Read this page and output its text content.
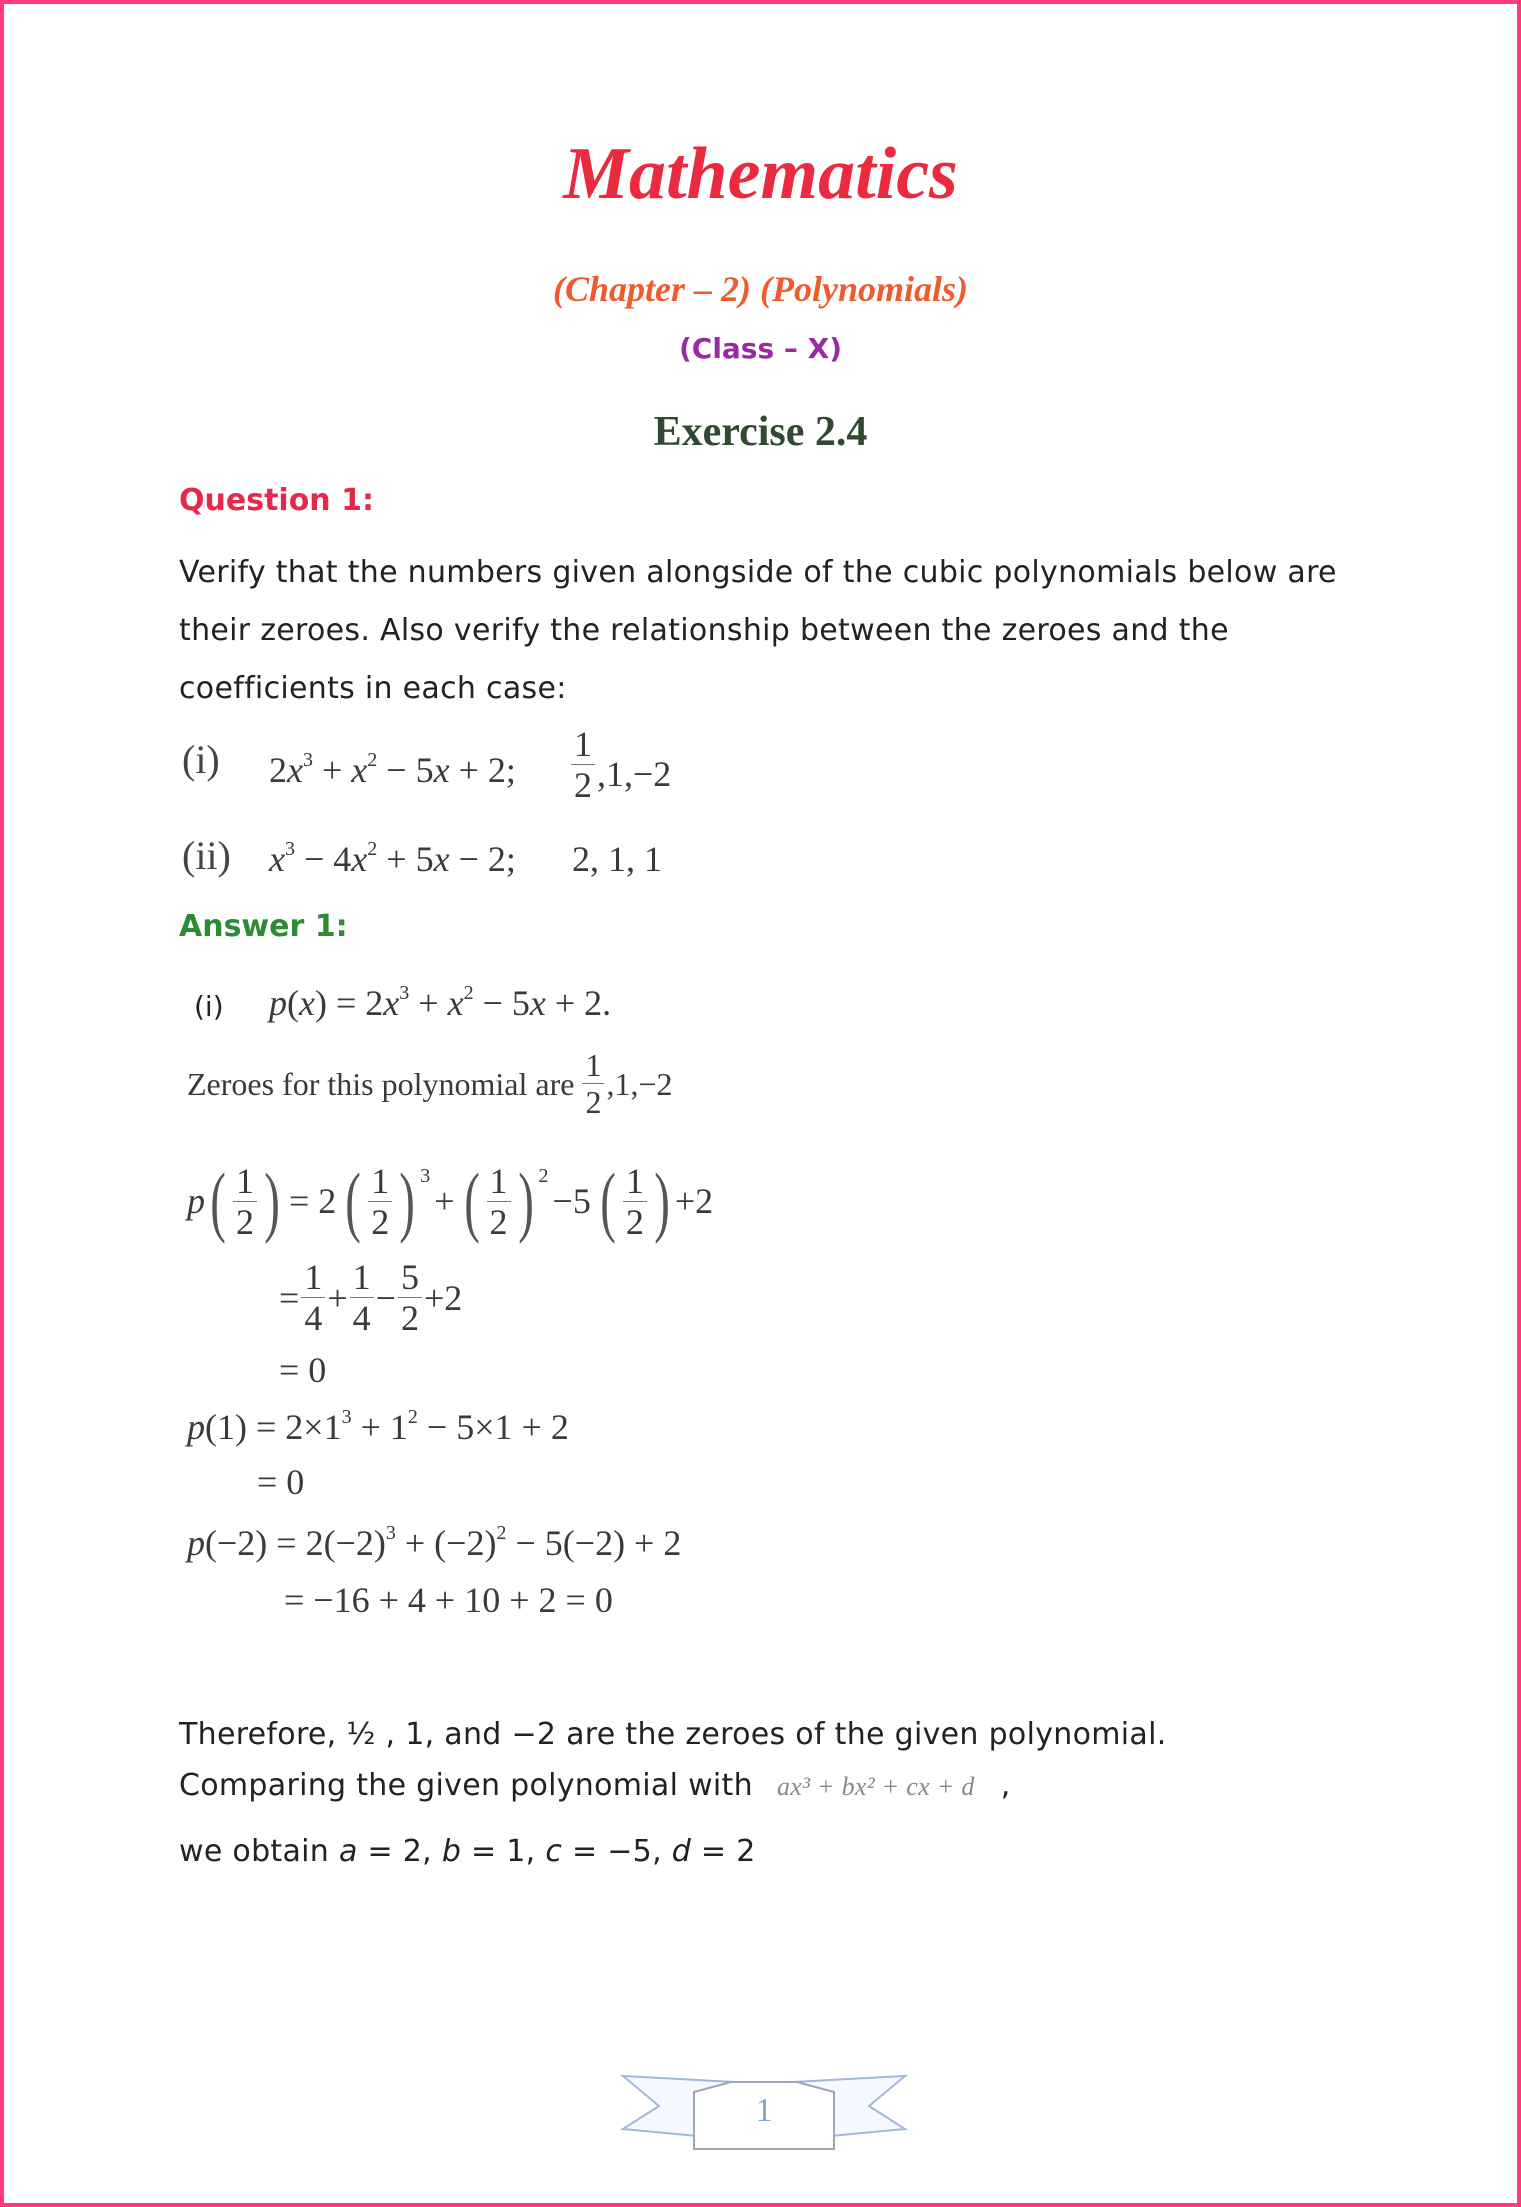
Mathematics
(Chapter – 2) (Polynomials)
(Class – X)
Exercise 2.4
Question 1:
Verify that the numbers given alongside of the cubic polynomials below are their zeroes. Also verify the relationship between the zeroes and the coefficients in each case:
(i) $2x^3 + x^2 - 5x + 2$; $\frac{1}{2} ,1,-2$
(ii) $x^3 - 4x^2 + 5x - 2$; 2, 1, 1
Answer 1:
(i) $p(x) = 2x^3 + x^2 - 5x + 2$.
Zeroes for this polynomial are $\frac{1}{2} ,1,-2$
p ( $\frac{1}{2}$ ) = 2 ( $\frac{1}{2}$ ) 3
+ ( $\frac{1}{2}$ ) 2
−5 ( $\frac{1}{2}$ ) +2
= $\frac{1}{4} + \frac{1}{4} - \frac{5}{2} +2$
= 0
$p(1) = 2\times 1^3 + 1^2 - 5\times 1 + 2$
= 0
$p(-2) = 2(-2)^3 + (-2)^2 - 5(-2) + 2$
= −16 + 4 + 10 + 2 = 0
Therefore, ½ , 1, and −2 are the zeroes of the given polynomial.
Comparing the given polynomial with ax³ + bx² + cx + d ,
we obtain a = 2, b = 1, c = −5, d = 2
1
